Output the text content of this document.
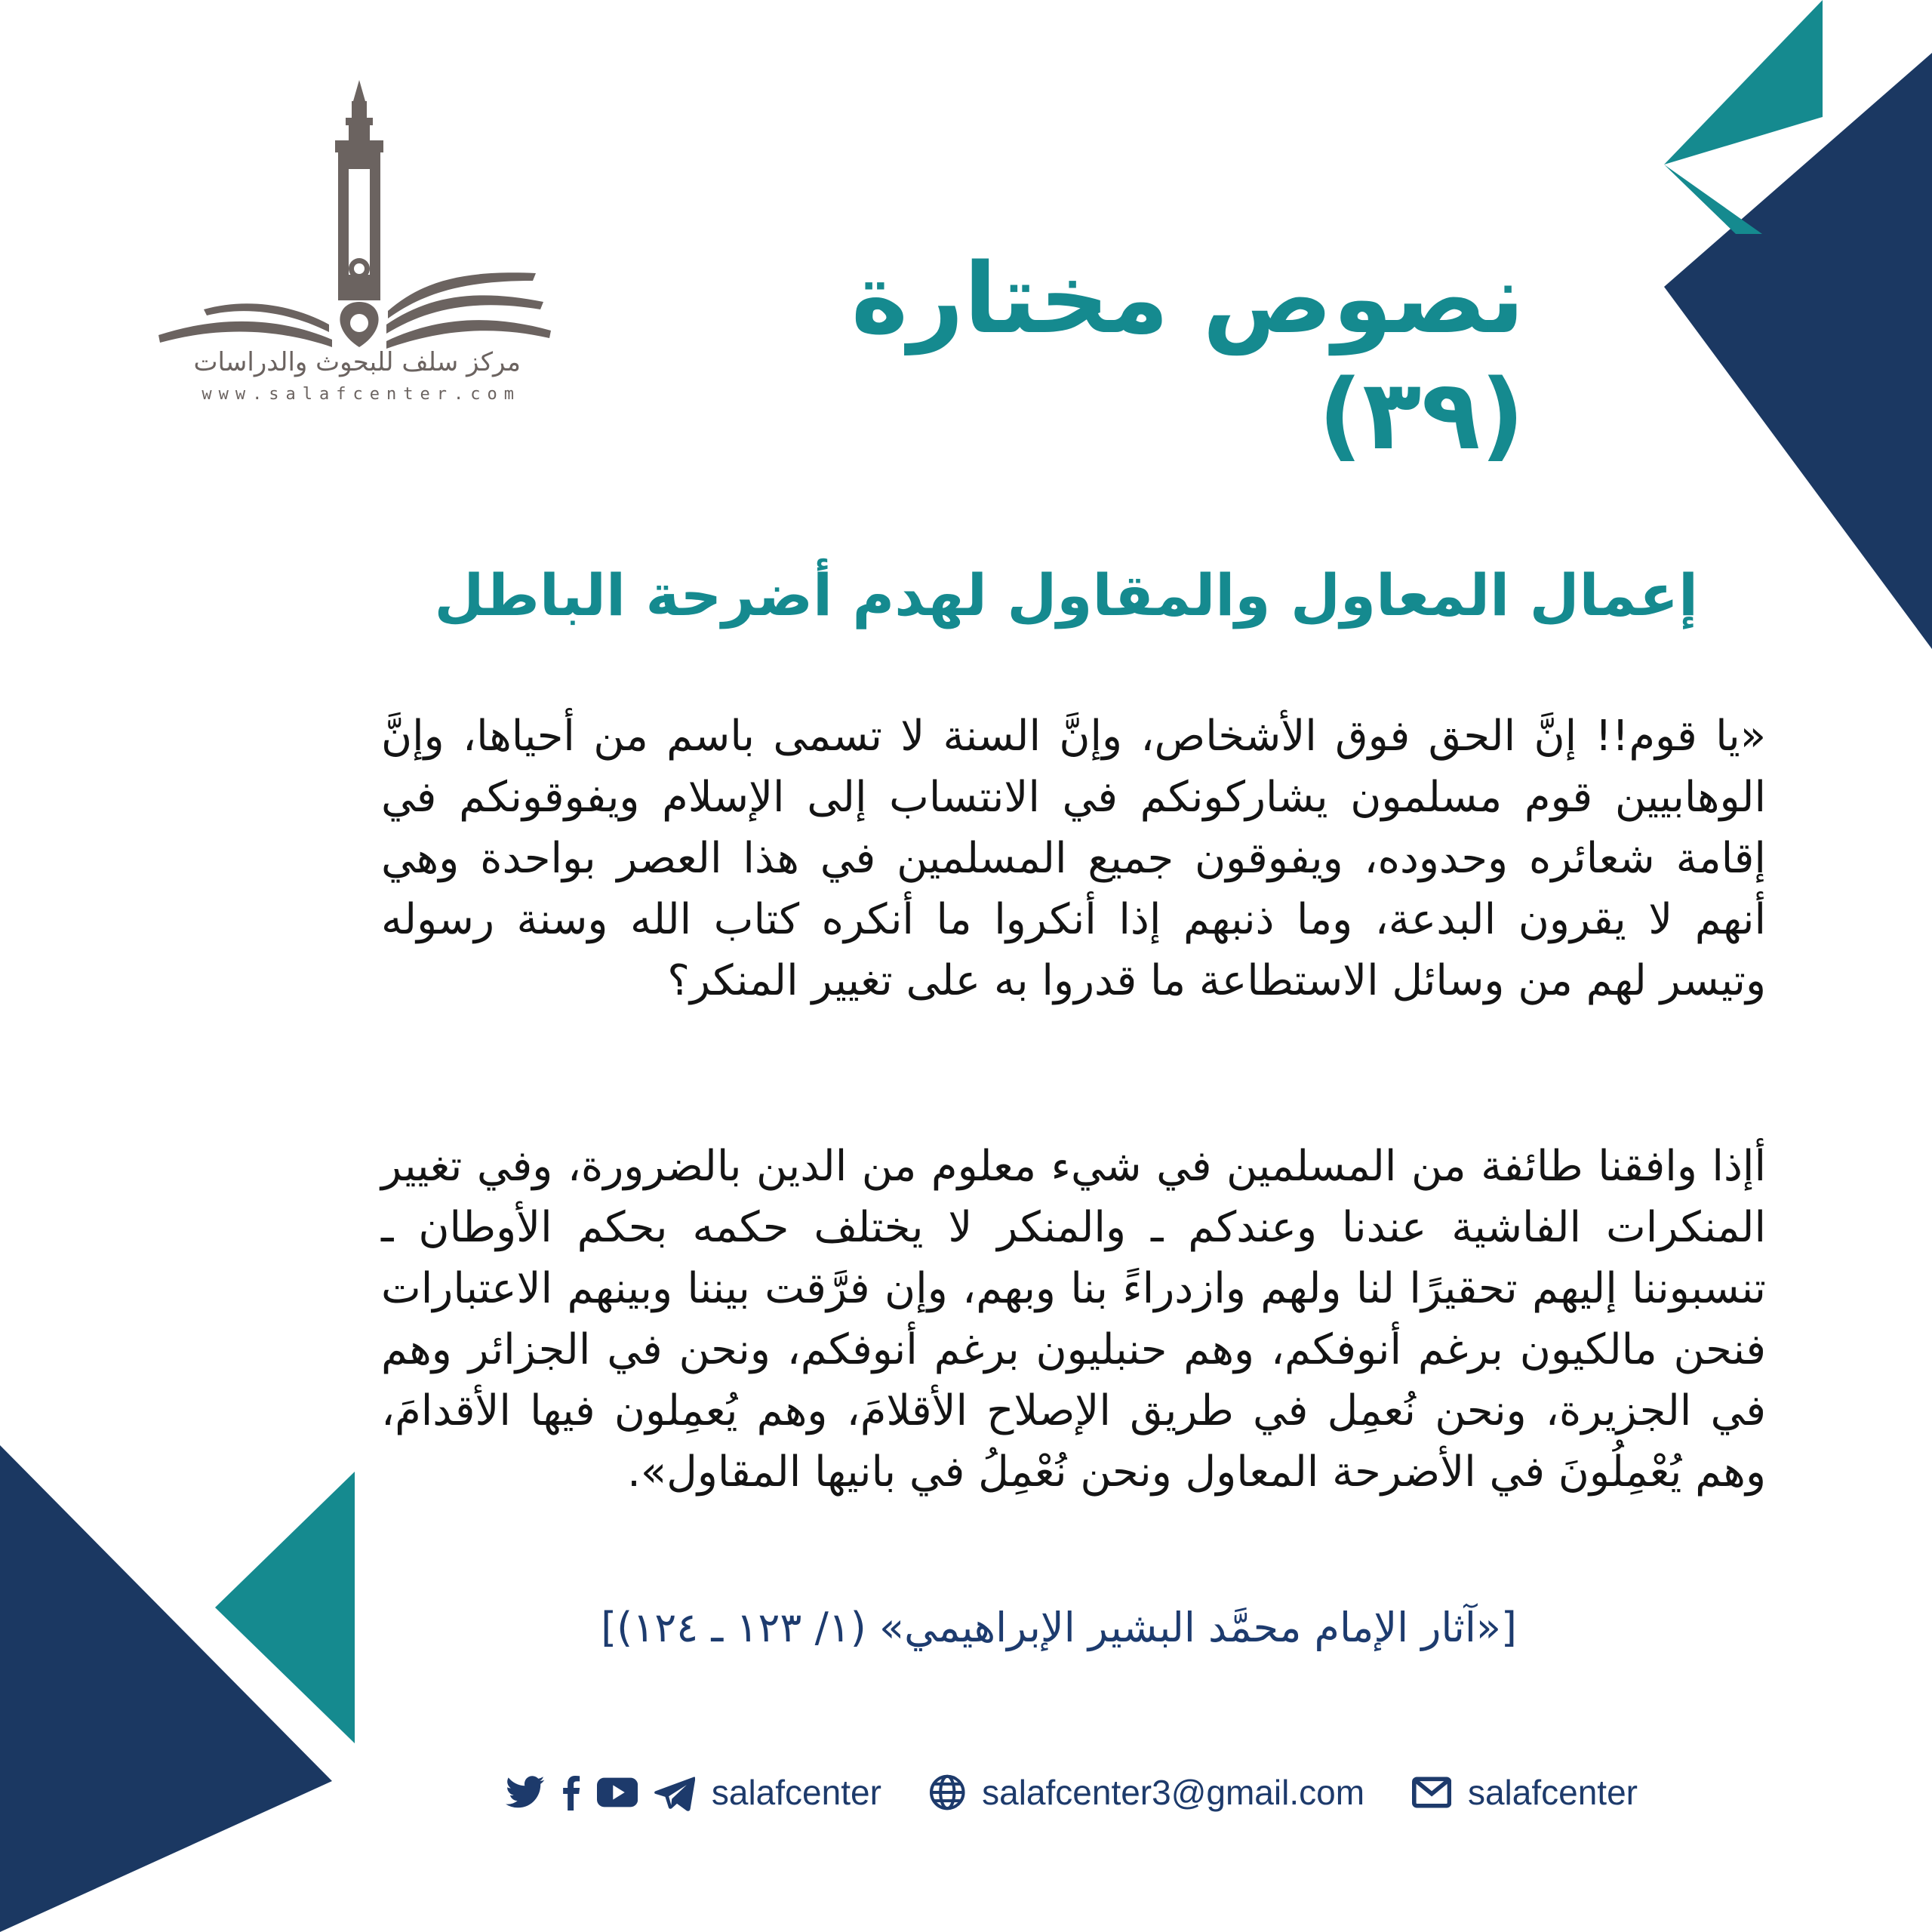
مركز سلف للبحوث والدراسات
www.salafcenter.com
نصوص مختارة (٣٩)
إعمال المعاول والمقاول لهدم أضرحة الباطل
«يا قوم!! إنَّ الحق فوق الأشخاص، وإنَّ السنة لا تسمى باسم من أحياها، وإنَّ الوهابيين قوم مسلمون يشاركونكم في الانتساب إلى الإسلام ويفوقونكم في إقامة شعائره وحدوده، ويفوقون جميع المسلمين في هذا العصر بواحدة وهي أنهم لا يقرون البدعة، وما ذنبهم إذا أنكروا ما أنكره كتاب الله وسنة رسوله وتيسر لهم من وسائل الاستطاعة ما قدروا به على تغيير المنكر؟
أإذا وافقنا طائفة من المسلمين في شيء معلوم من الدين بالضرورة، وفي تغيير المنكرات الفاشية عندنا وعندكم ـ والمنكر لا يختلف حكمه بحكم الأوطان ـ تنسبوننا إليهم تحقيرًا لنا ولهم وازدراءً بنا وبهم، وإن فرَّقت بيننا وبينهم الاعتبارات فنحن مالكيون برغم أنوفكم، وهم حنبليون برغم أنوفكم، ونحن في الجزائر وهم في الجزيرة، ونحن نُعمِل في طريق الإصلاح الأقلامَ، وهم يُعمِلون فيها الأقدامَ، وهم يُعْمِلُونَ في الأضرحة المعاول ونحن نُعْمِلُ في بانيها المقاول».
[«آثار الإمام محمَّد البشير الإبراهيمي» (١/ ١٢٣ ـ ١٢٤)]
salafcenter	salafcenter3@gmail.com	salafcenter
